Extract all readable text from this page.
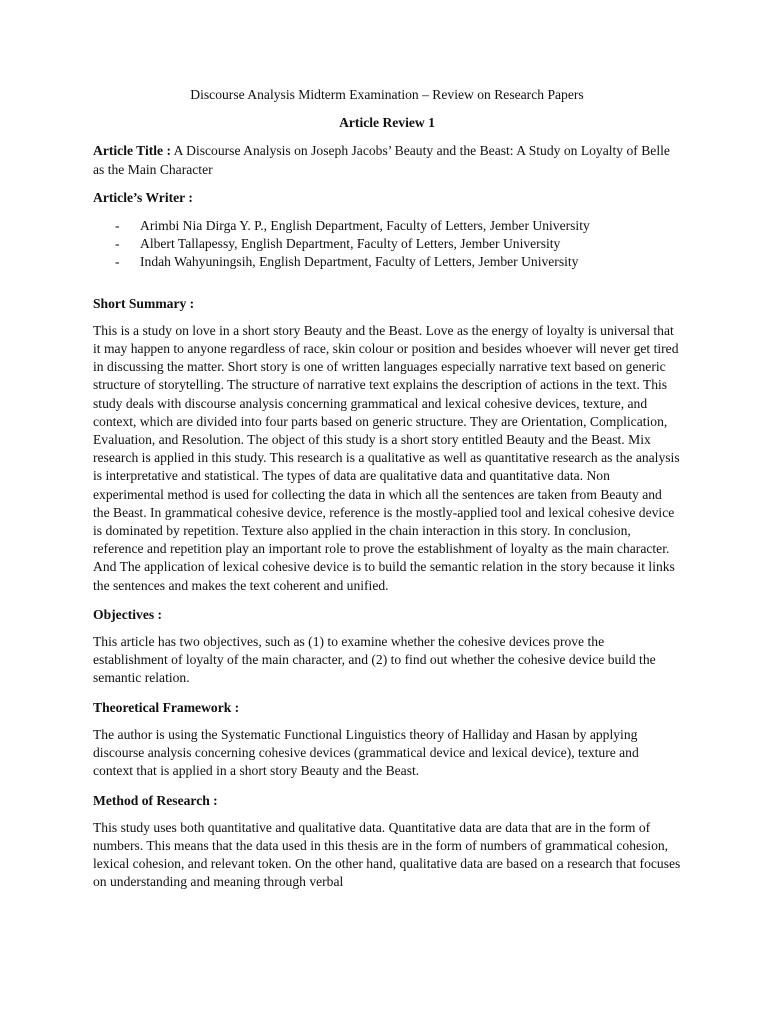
Discourse Analysis Midterm Examination – Review on Research Papers
Article Review 1
Article Title : A Discourse Analysis on Joseph Jacobs’ Beauty and the Beast: A Study on Loyalty of Belle as the Main Character
Article’s Writer :
- Arimbi Nia Dirga Y. P., English Department, Faculty of Letters, Jember University
- Albert Tallapessy, English Department, Faculty of Letters, Jember University
- Indah Wahyuningsih, English Department, Faculty of Letters, Jember University
Short Summary :

This is a study on love in a short story Beauty and the Beast. Love as the energy of loyalty is universal that it may happen to anyone regardless of race, skin colour or position and besides whoever will never get tired in discussing the matter. Short story is one of written languages especially narrative text based on generic structure of storytelling. The structure of narrative text explains the description of actions in the text. This study deals with discourse analysis concerning grammatical and lexical cohesive devices, texture, and context, which are divided into four parts based on generic structure. They are Orientation, Complication, Evaluation, and Resolution. The object of this study is a short story entitled Beauty and the Beast. Mix research is applied in this study. This research is a qualitative as well as quantitative research as the analysis is interpretative and statistical. The types of data are qualitative data and quantitative data. Non experimental method is used for collecting the data in which all the sentences are taken from Beauty and the Beast. In grammatical cohesive device, reference is the mostly-applied tool and lexical cohesive device is dominated by repetition. Texture also applied in the chain interaction in this story. In conclusion, reference and repetition play an important role to prove the establishment of loyalty as the main character. And The application of lexical cohesive device is to build the semantic relation in the story because it links the sentences and makes the text coherent and unified.

Objectives :

This article has two objectives, such as (1) to examine whether the cohesive devices prove the establishment of loyalty of the main character, and (2) to find out whether the cohesive device build the semantic relation.

Theoretical Framework :

The author is using the Systematic Functional Linguistics theory of Halliday and Hasan by applying discourse analysis concerning cohesive devices (grammatical device and lexical device), texture and context that is applied in a short story Beauty and the Beast.

Method of Research :

This study uses both quantitative and qualitative data. Quantitative data are data that are in the form of numbers. This means that the data used in this thesis are in the form of numbers of grammatical cohesion, lexical cohesion, and relevant token. On the other hand, qualitative data are based on a research that focuses on understanding and meaning through verbal
